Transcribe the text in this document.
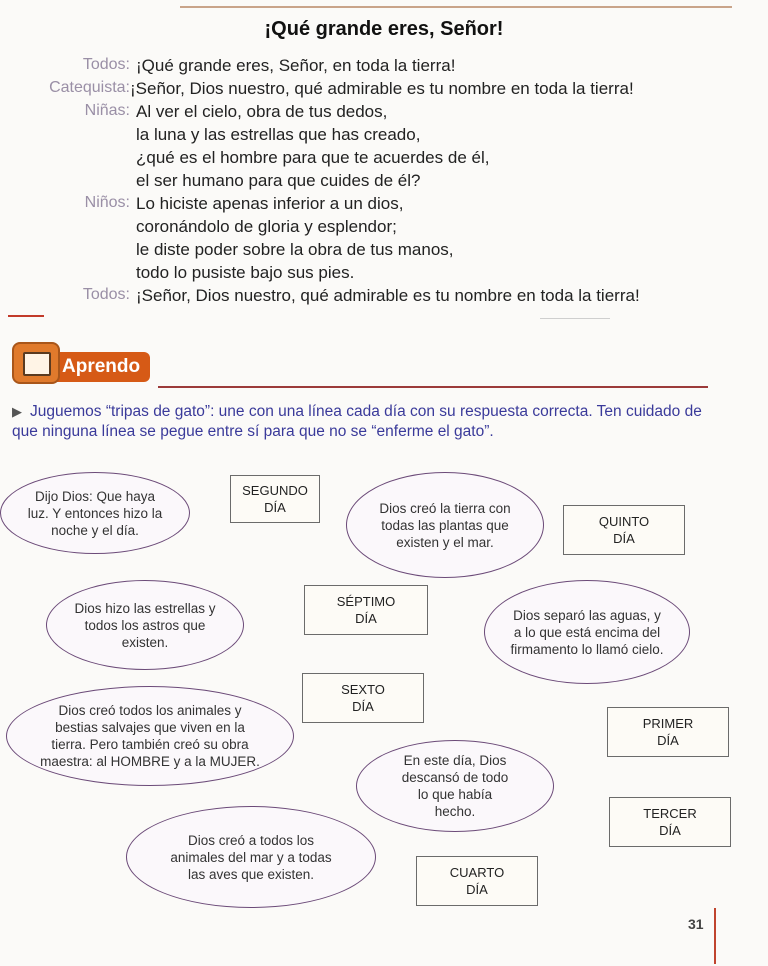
¡Qué grande eres, Señor!
Todos: ¡Qué grande eres, Señor, en toda la tierra!
Catequista: ¡Señor, Dios nuestro, qué admirable es tu nombre en toda la tierra!
Niñas: Al ver el cielo, obra de tus dedos,
la luna y las estrellas que has creado,
¿qué es el hombre para que te acuerdes de él,
el ser humano para que cuides de él?
Niños: Lo hiciste apenas inferior a un dios,
coronándolo de gloria y esplendor;
le diste poder sobre la obra de tus manos,
todo lo pusiste bajo sus pies.
Todos: ¡Señor, Dios nuestro, qué admirable es tu nombre en toda la tierra!
Aprendo
▶ Juguemos “tripas de gato”: une con una línea cada día con su respuesta correcta. Ten cuidado de que ninguna línea se pegue entre sí para que no se “enferme el gato”.
Dijo Dios: Que haya luz. Y entonces hizo la noche y el día.
Dios creó la tierra con todas las plantas que existen y el mar.
Dios hizo las estrellas y todos los astros que existen.
Dios separó las aguas, y a lo que está encima del firmamento lo llamó cielo.
Dios creó todos los animales y bestias salvajes que viven en la tierra. Pero también creó su obra maestra: al HOMBRE y a la MUJER.	En este día, Dios descansó de todo lo que había hecho.
Dios creó a todos los animales del mar y a todas las aves que existen.
SEGUNDO
DÍA
QUINTO
DÍA
SÉPTIMO
DÍA
SEXTO
DÍA
PRIMER
DÍA
TERCER
DÍA
CUARTO
DÍA
31
